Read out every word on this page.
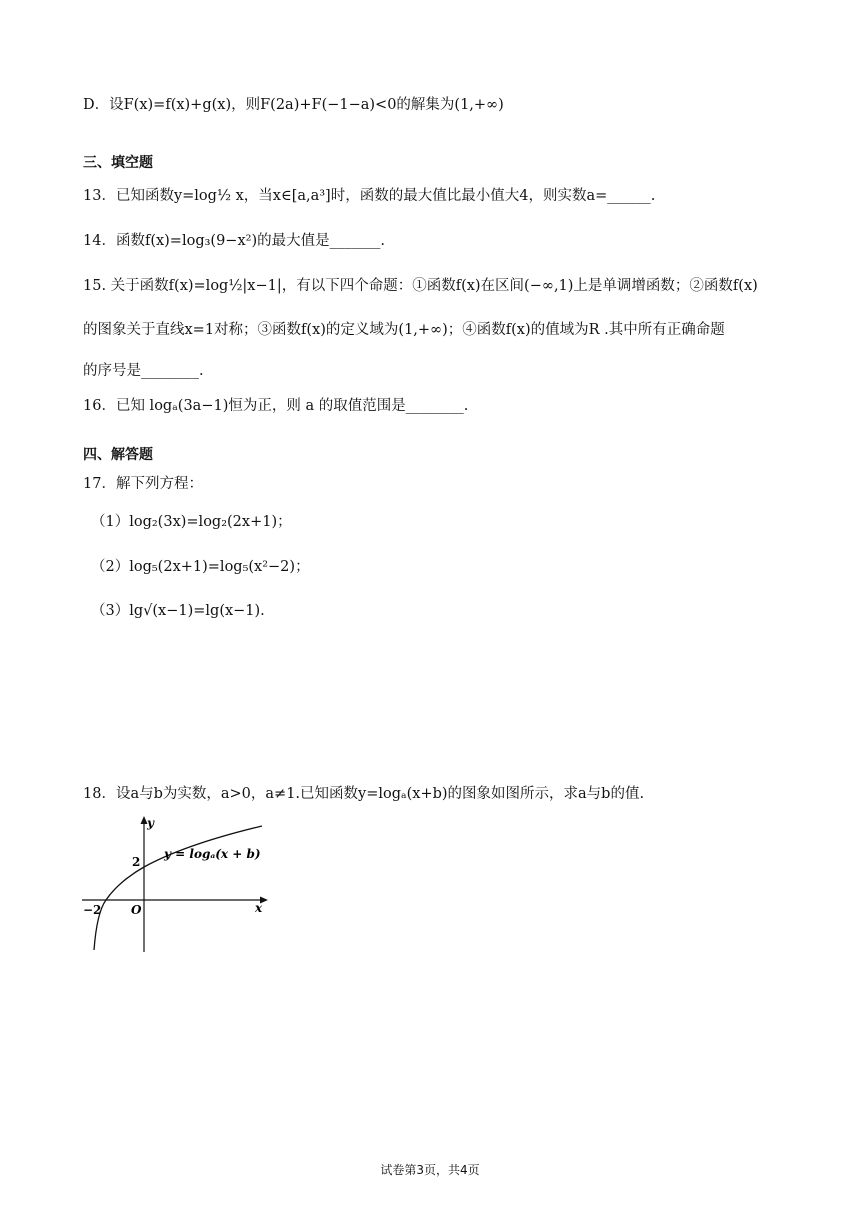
D．设F(x)=f(x)+g(x)，则F(2a)+F(−1−a)<0的解集为(1,+∞)
三、填空题
13．已知函数y=log½ x，当x∈[a,a³]时，函数的最大值比最小值大4，则实数a=______.
14．函数f(x)=log₃(9−x²)的最大值是_______.
15. 关于函数f(x)=log½|x−1|，有以下四个命题：①函数f(x)在区间(−∞,1)上是单调增函数；②函数f(x)
的图象关于直线x=1对称；③函数f(x)的定义域为(1,+∞)；④函数f(x)的值域为R .其中所有正确命题
的序号是________.
16．已知 logₐ(3a−1)恒为正，则 a 的取值范围是________.
四、解答题
17．解下列方程：
（1）log₂(3x)=log₂(2x+1)；
（2）log₅(2x+1)=log₅(x²−2)；
（3）lg√(x−1)=lg(x−1).
18．设a与b为实数，a>0，a≠1.已知函数y=logₐ(x+b)的图象如图所示，求a与b的值.
y
x
O
−2
2
y = logₐ(x + b)
试卷第3页，共4页
